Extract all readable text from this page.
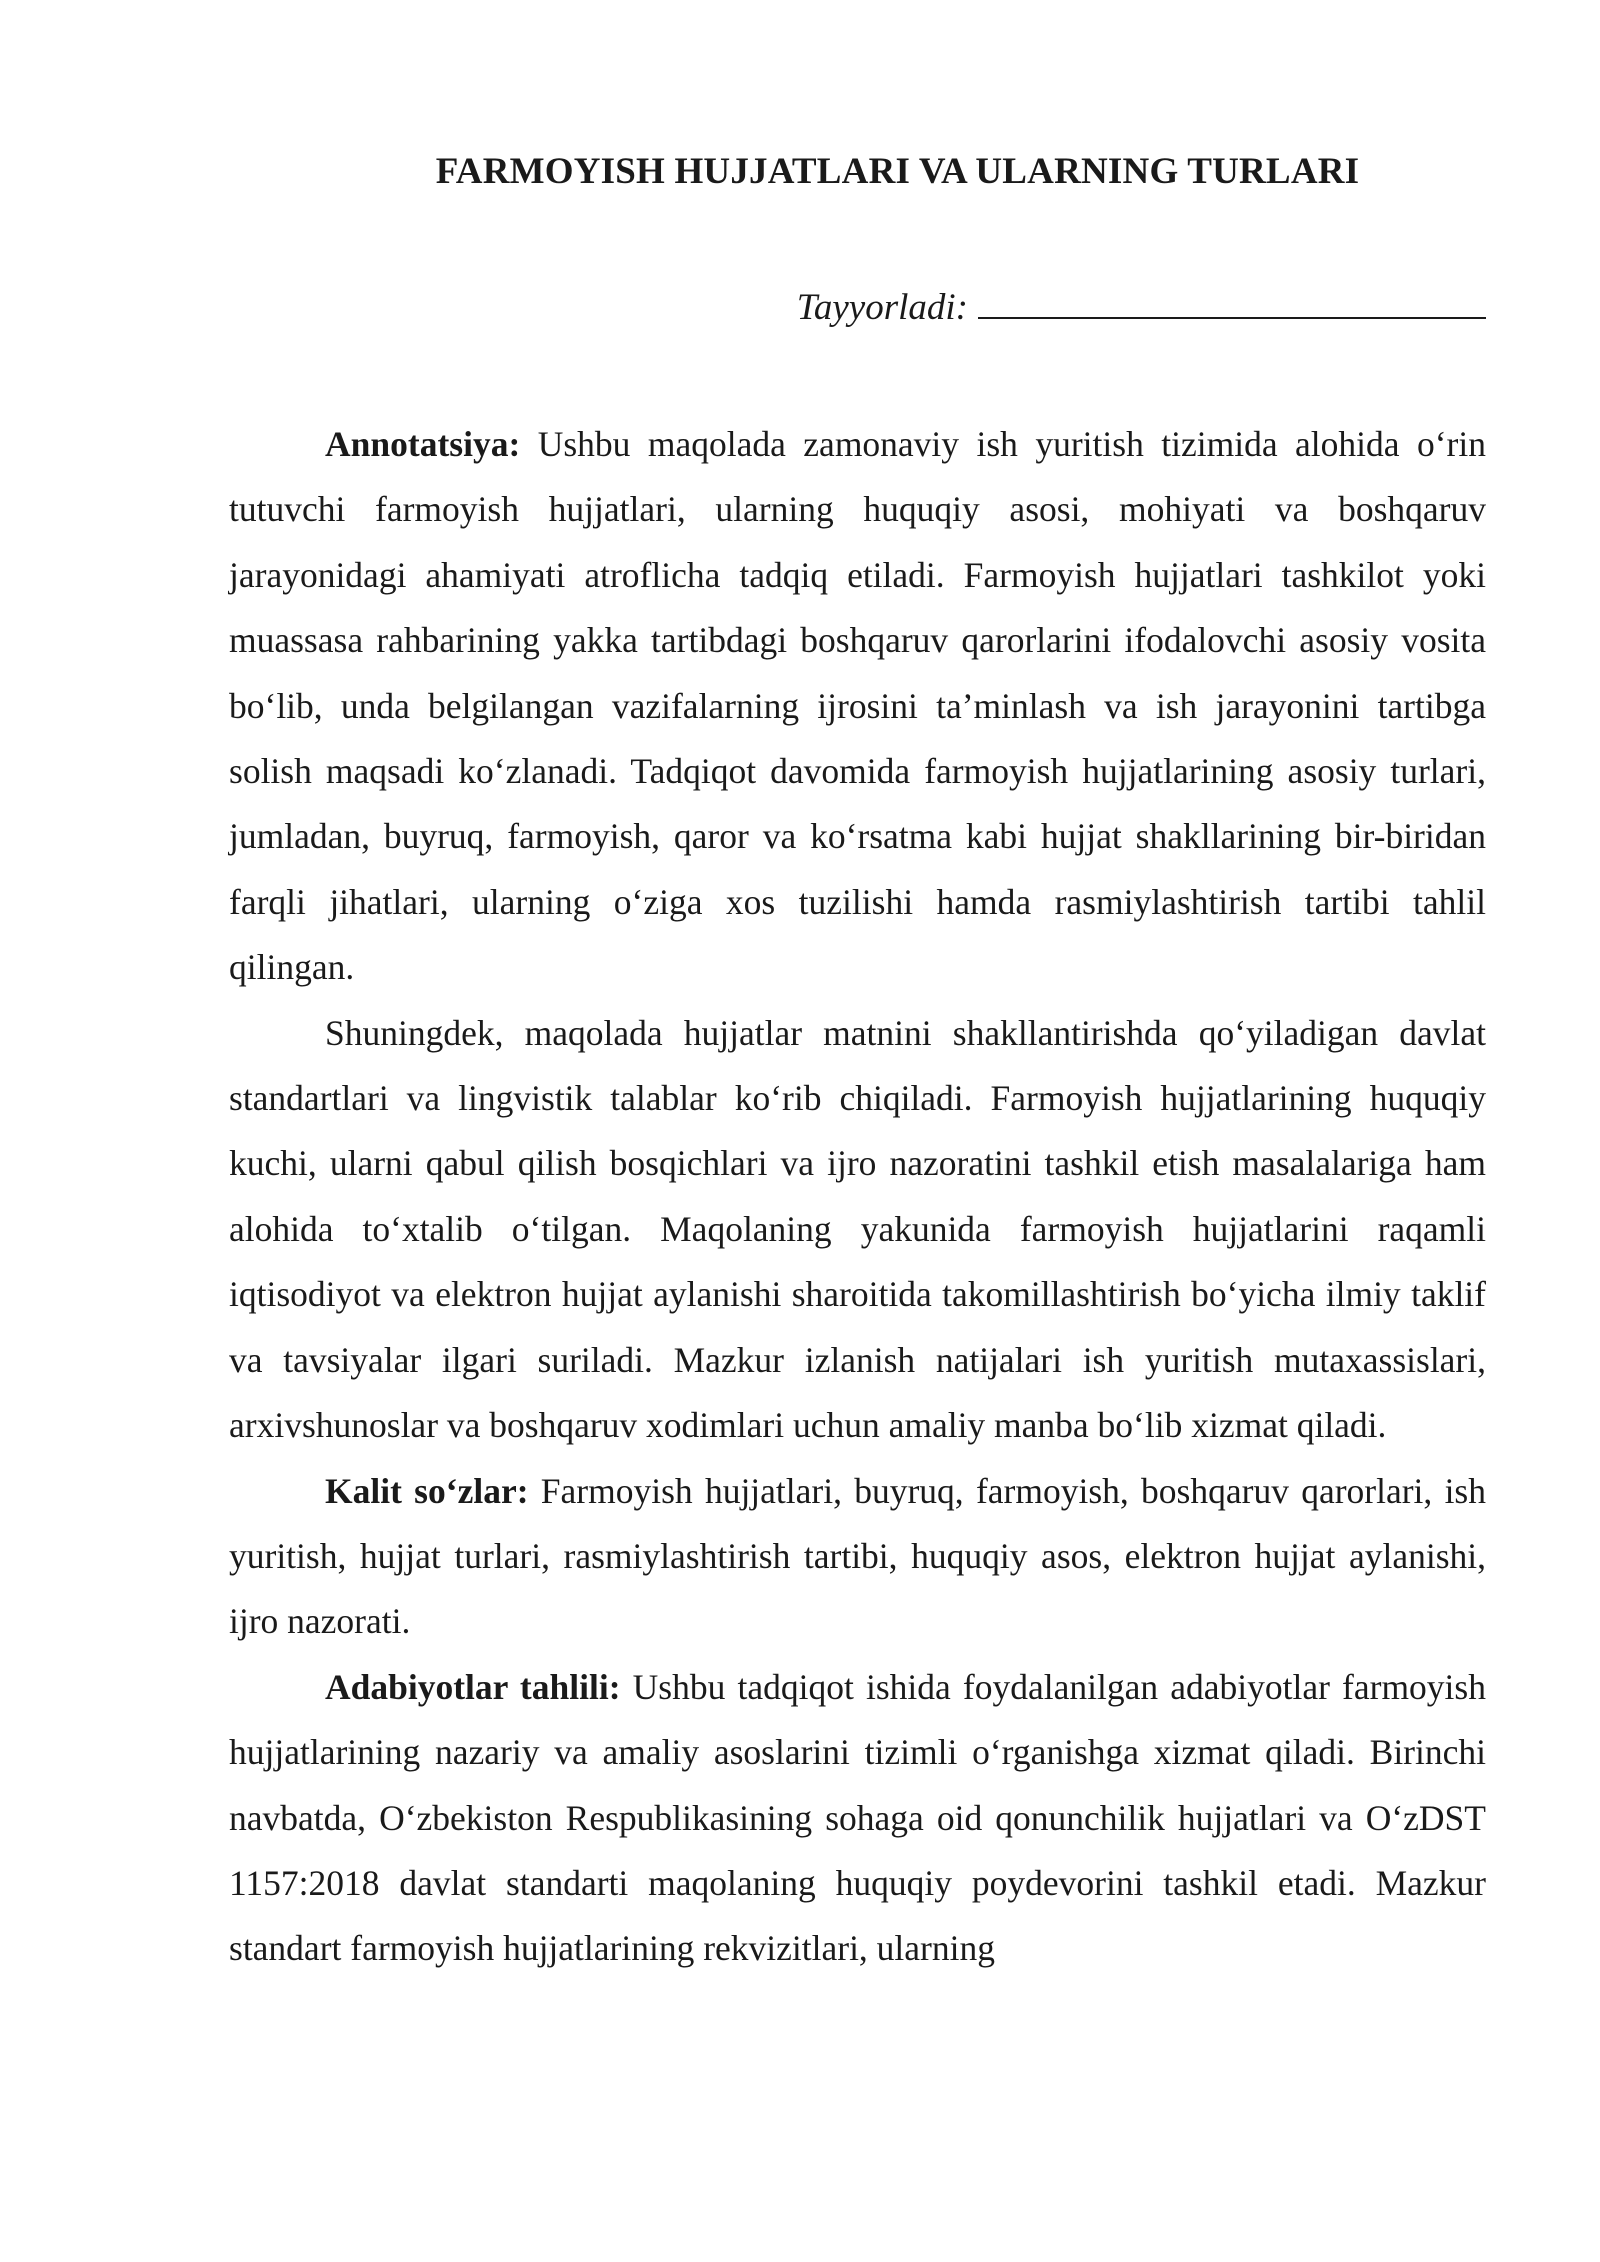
FARMOYISH HUJJATLARI VA ULARNING TURLARI
Tayyorladi:

Annotatsiya: Ushbu maqolada zamonaviy ish yuritish tizimida alohida o‘rin tutuvchi farmoyish hujjatlari, ularning huquqiy asosi, mohiyati va boshqaruv jarayonidagi ahamiyati atroflicha tadqiq etiladi. Farmoyish hujjatlari tashkilot yoki muassasa rahbarining yakka tartibdagi boshqaruv qarorlarini ifodalovchi asosiy vosita bo‘lib, unda belgilangan vazifalarning ijrosini ta’minlash va ish jarayonini tartibga solish maqsadi ko‘zlanadi. Tadqiqot davomida farmoyish hujjatlarining asosiy turlari, jumladan, buyruq, farmoyish, qaror va ko‘rsatma kabi hujjat shakllarining bir-biridan farqli jihatlari, ularning o‘ziga xos tuzilishi hamda rasmiylashtirish tartibi tahlil qilingan.

Shuningdek, maqolada hujjatlar matnini shakllantirishda qo‘yiladigan davlat standartlari va lingvistik talablar ko‘rib chiqiladi. Farmoyish hujjatlarining huquqiy kuchi, ularni qabul qilish bosqichlari va ijro nazoratini tashkil etish masalalariga ham alohida to‘xtalib o‘tilgan. Maqolaning yakunida farmoyish hujjatlarini raqamli iqtisodiyot va elektron hujjat aylanishi sharoitida takomillashtirish bo‘yicha ilmiy taklif va tavsiyalar ilgari suriladi. Mazkur izlanish natijalari ish yuritish mutaxassislari, arxivshunoslar va boshqaruv xodimlari uchun amaliy manba bo‘lib xizmat qiladi.

Kalit so‘zlar: Farmoyish hujjatlari, buyruq, farmoyish, boshqaruv qarorlari, ish yuritish, hujjat turlari, rasmiylashtirish tartibi, huquqiy asos, elektron hujjat aylanishi, ijro nazorati.

Adabiyotlar tahlili: Ushbu tadqiqot ishida foydalanilgan adabiyotlar farmoyish hujjatlarining nazariy va amaliy asoslarini tizimli o‘rganishga xizmat qiladi. Birinchi navbatda, O‘zbekiston Respublikasining sohaga oid qonunchilik hujjatlari va O‘zDST 1157:2018 davlat standarti maqolaning huquqiy poydevorini tashkil etadi. Mazkur standart farmoyish hujjatlarining rekvizitlari, ularning
